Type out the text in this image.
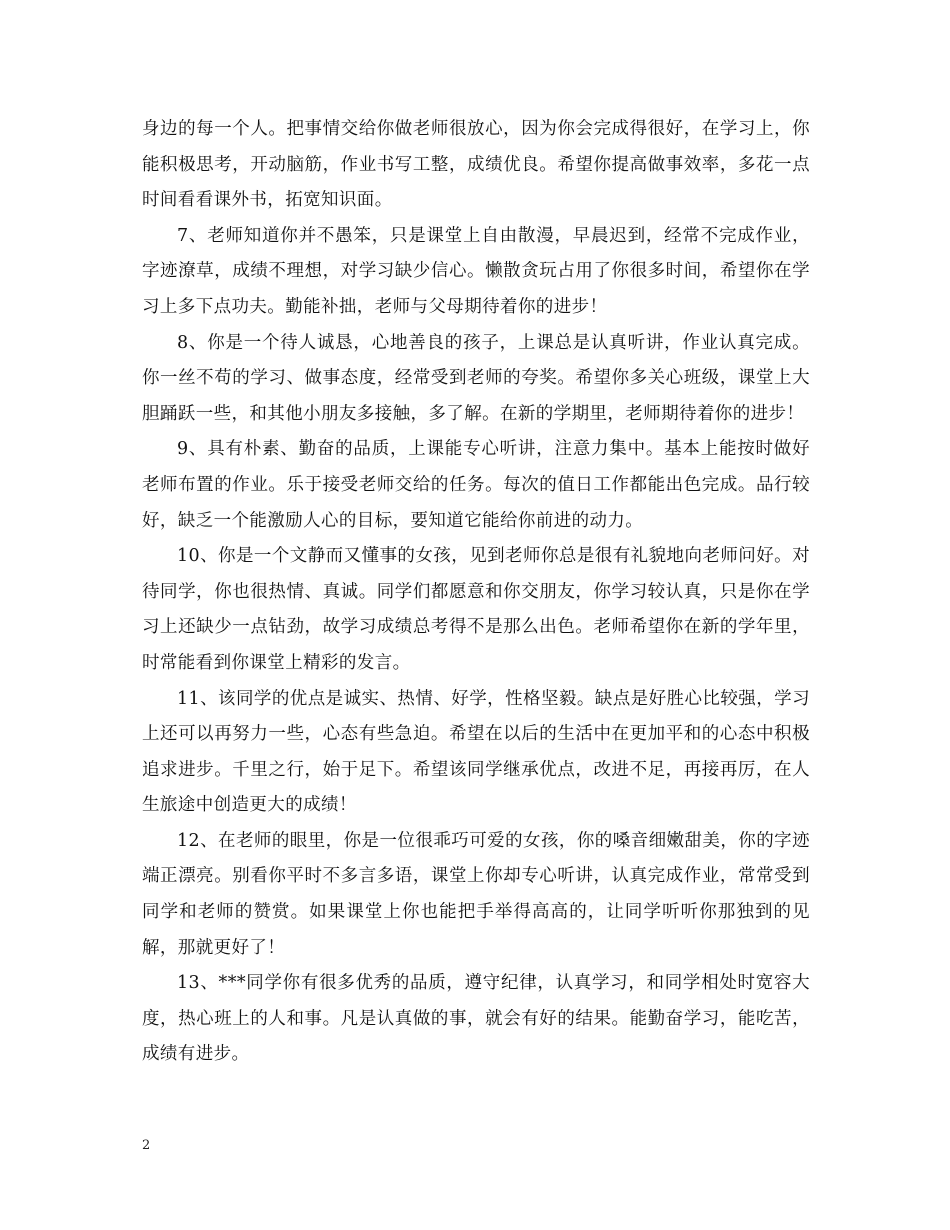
身边的每一个人。把事情交给你做老师很放心，因为你会完成得很好，在学习上，你能积极思考，开动脑筋，作业书写工整，成绩优良。希望你提高做事效率，多花一点时间看看课外书，拓宽知识面。

7、老师知道你并不愚笨，只是课堂上自由散漫，早晨迟到，经常不完成作业，字迹潦草，成绩不理想，对学习缺少信心。懒散贪玩占用了你很多时间，希望你在学习上多下点功夫。勤能补拙，老师与父母期待着你的进步！

8、你是一个待人诚恳，心地善良的孩子，上课总是认真听讲，作业认真完成。你一丝不苟的学习、做事态度，经常受到老师的夸奖。希望你多关心班级，课堂上大胆踊跃一些，和其他小朋友多接触，多了解。在新的学期里，老师期待着你的进步！

9、具有朴素、勤奋的品质，上课能专心听讲，注意力集中。基本上能按时做好老师布置的作业。乐于接受老师交给的任务。每次的值日工作都能出色完成。品行较好，缺乏一个能激励人心的目标，要知道它能给你前进的动力。

10、你是一个文静而又懂事的女孩，见到老师你总是很有礼貌地向老师问好。对待同学，你也很热情、真诚。同学们都愿意和你交朋友，你学习较认真，只是你在学习上还缺少一点钻劲，故学习成绩总考得不是那么出色。老师希望你在新的学年里，时常能看到你课堂上精彩的发言。

11、该同学的优点是诚实、热情、好学，性格坚毅。缺点是好胜心比较强，学习上还可以再努力一些，心态有些急迫。希望在以后的生活中在更加平和的心态中积极追求进步。千里之行，始于足下。希望该同学继承优点，改进不足，再接再厉，在人生旅途中创造更大的成绩！

12、在老师的眼里，你是一位很乖巧可爱的女孩，你的嗓音细嫩甜美，你的字迹端正漂亮。别看你平时不多言多语，课堂上你却专心听讲，认真完成作业，常常受到同学和老师的赞赏。如果课堂上你也能把手举得高高的，让同学听听你那独到的见解，那就更好了！

13、***同学你有很多优秀的品质，遵守纪律，认真学习，和同学相处时宽容大度，热心班上的人和事。凡是认真做的事，就会有好的结果。能勤奋学习，能吃苦，成绩有进步。

2
